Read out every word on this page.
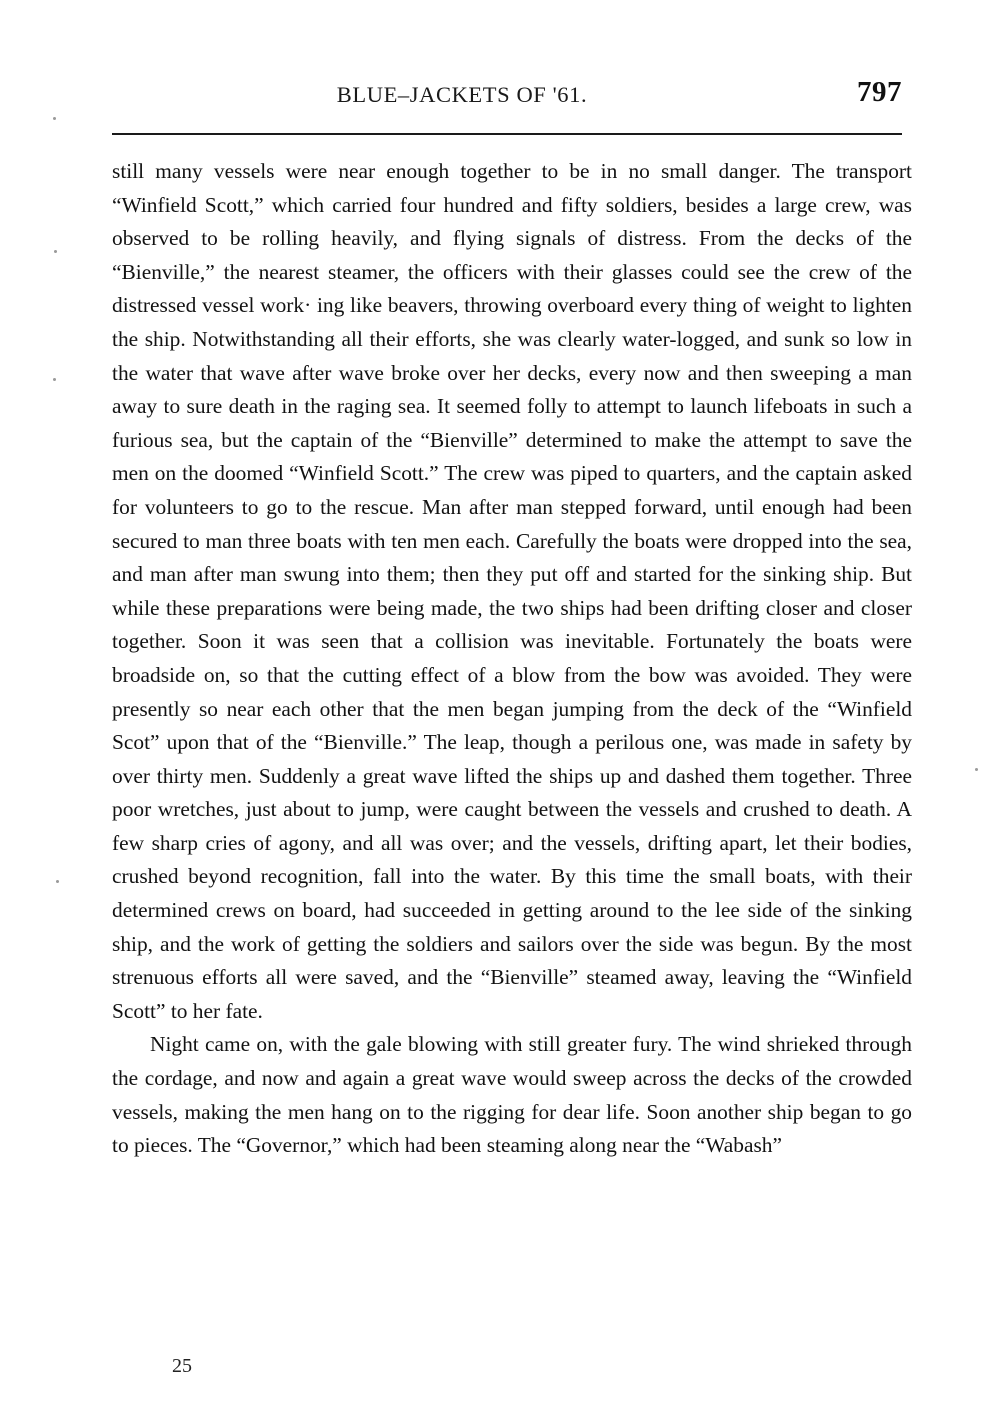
BLUE–JACKETS OF '61.	797

still many vessels were near enough together to be in no small danger. The transport “Winfield Scott,” which carried four hundred and fifty soldiers, besides a large crew, was observed to be rolling heavily, and flying signals of distress. From the decks of the “Bienville,” the nearest steamer, the officers with their glasses could see the crew of the distressed vessel work· ing like beavers, throwing overboard every thing of weight to lighten the ship. Notwithstanding all their efforts, she was clearly water-logged, and sunk so low in the water that wave after wave broke over her decks, every now and then sweeping a man away to sure death in the raging sea. It seemed folly to attempt to launch lifeboats in such a furious sea, but the captain of the “Bienville” determined to make the attempt to save the men on the doomed “Winfield Scott.” The crew was piped to quarters, and the captain asked for volunteers to go to the rescue. Man after man stepped forward, until enough had been secured to man three boats with ten men each. Carefully the boats were dropped into the sea, and man after man swung into them; then they put off and started for the sinking ship. But while these preparations were being made, the two ships had been drifting closer and closer together. Soon it was seen that a collision was inevitable. Fortunately the boats were broadside on, so that the cutting effect of a blow from the bow was avoided. They were presently so near each other that the men began jumping from the deck of the “Winfield Scot” upon that of the “Bienville.” The leap, though a perilous one, was made in safety by over thirty men. Suddenly a great wave lifted the ships up and dashed them together. Three poor wretches, just about to jump, were caught between the vessels and crushed to death. A few sharp cries of agony, and all was over; and the vessels, drifting apart, let their bodies, crushed beyond recognition, fall into the water. By this time the small boats, with their determined crews on board, had succeeded in getting around to the lee side of the sinking ship, and the work of getting the soldiers and sailors over the side was begun. By the most strenuous efforts all were saved, and the “Bienville” steamed away, leaving the “Winfield Scott” to her fate.

Night came on, with the gale blowing with still greater fury. The wind shrieked through the cordage, and now and again a great wave would sweep across the decks of the crowded vessels, making the men hang on to the rigging for dear life. Soon another ship began to go to pieces. The “Governor,” which had been steaming along near the “Wabash”

25
